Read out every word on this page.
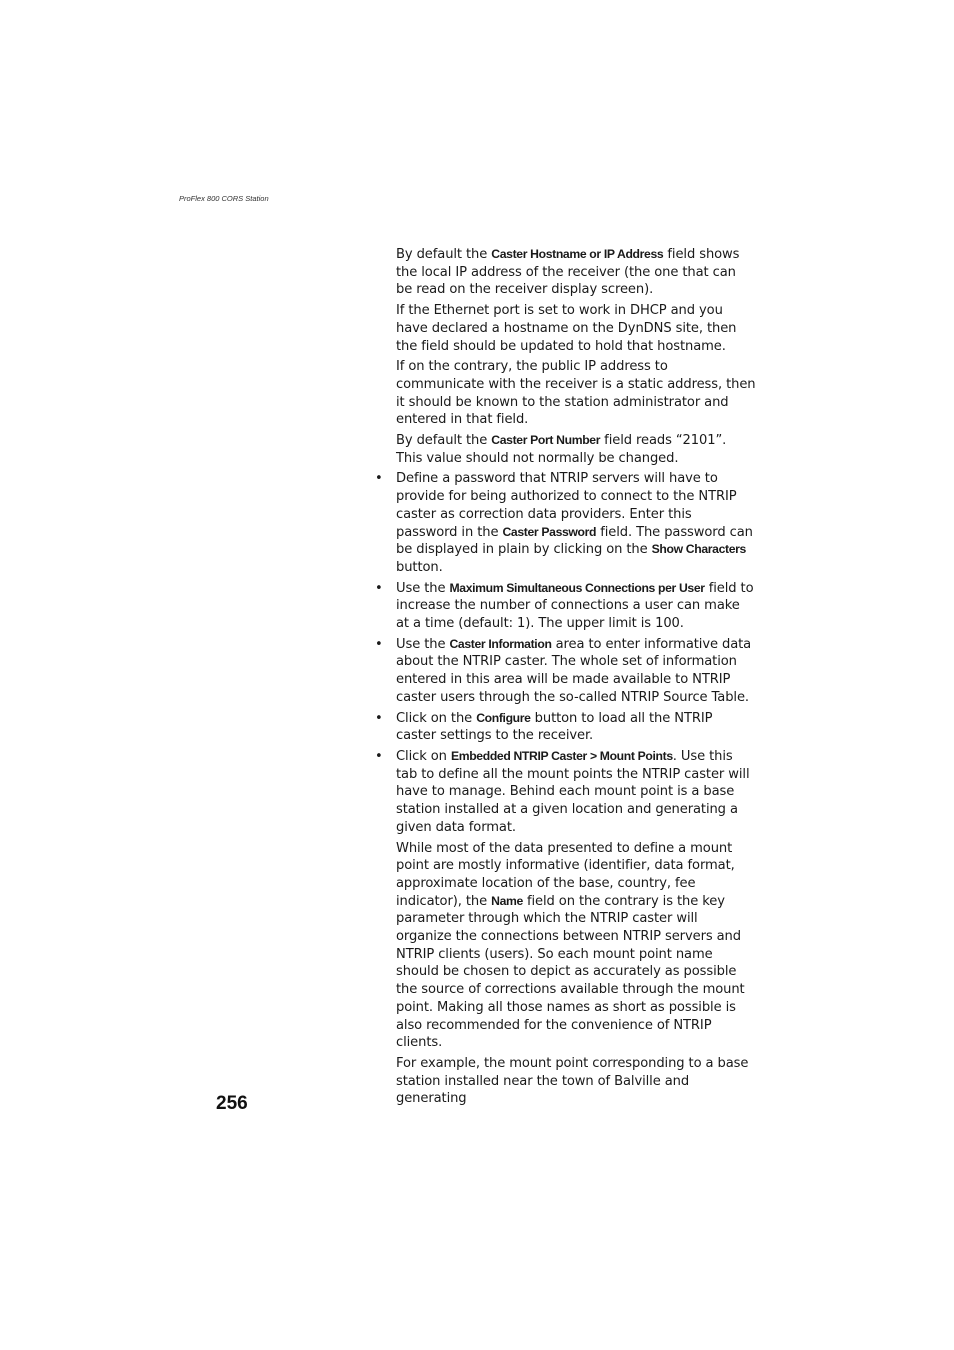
ProFlex 800 CORS Station

By default the Caster Hostname or IP Address field shows the local IP address of the receiver (the one that can be read on the receiver display screen).

If the Ethernet port is set to work in DHCP and you have declared a hostname on the DynDNS site, then the field should be updated to hold that hostname.

If on the contrary, the public IP address to communicate with the receiver is a static address, then it should be known to the station administrator and entered in that field.

By default the Caster Port Number field reads “2101”. This value should not normally be changed.

• Define a password that NTRIP servers will have to provide for being authorized to connect to the NTRIP caster as correction data providers. Enter this password in the Caster Password field. The password can be displayed in plain by clicking on the Show Characters button.

• Use the Maximum Simultaneous Connections per User field to increase the number of connections a user can make at a time (default: 1). The upper limit is 100.

• Use the Caster Information area to enter informative data about the NTRIP caster. The whole set of information entered in this area will be made available to NTRIP caster users through the so-called NTRIP Source Table.

• Click on the Configure button to load all the NTRIP caster settings to the receiver.

• Click on Embedded NTRIP Caster > Mount Points. Use this tab to define all the mount points the NTRIP caster will have to manage. Behind each mount point is a base station installed at a given location and generating a given data format.

While most of the data presented to define a mount point are mostly informative (identifier, data format, approximate location of the base, country, fee indicator), the Name field on the contrary is the key parameter through which the NTRIP caster will organize the connections between NTRIP servers and NTRIP clients (users). So each mount point name should be chosen to depict as accurately as possible the source of corrections available through the mount point. Making all those names as short as possible is also recommended for the convenience of NTRIP clients.

For example, the mount point corresponding to a base station installed near the town of Balville and generating

256
